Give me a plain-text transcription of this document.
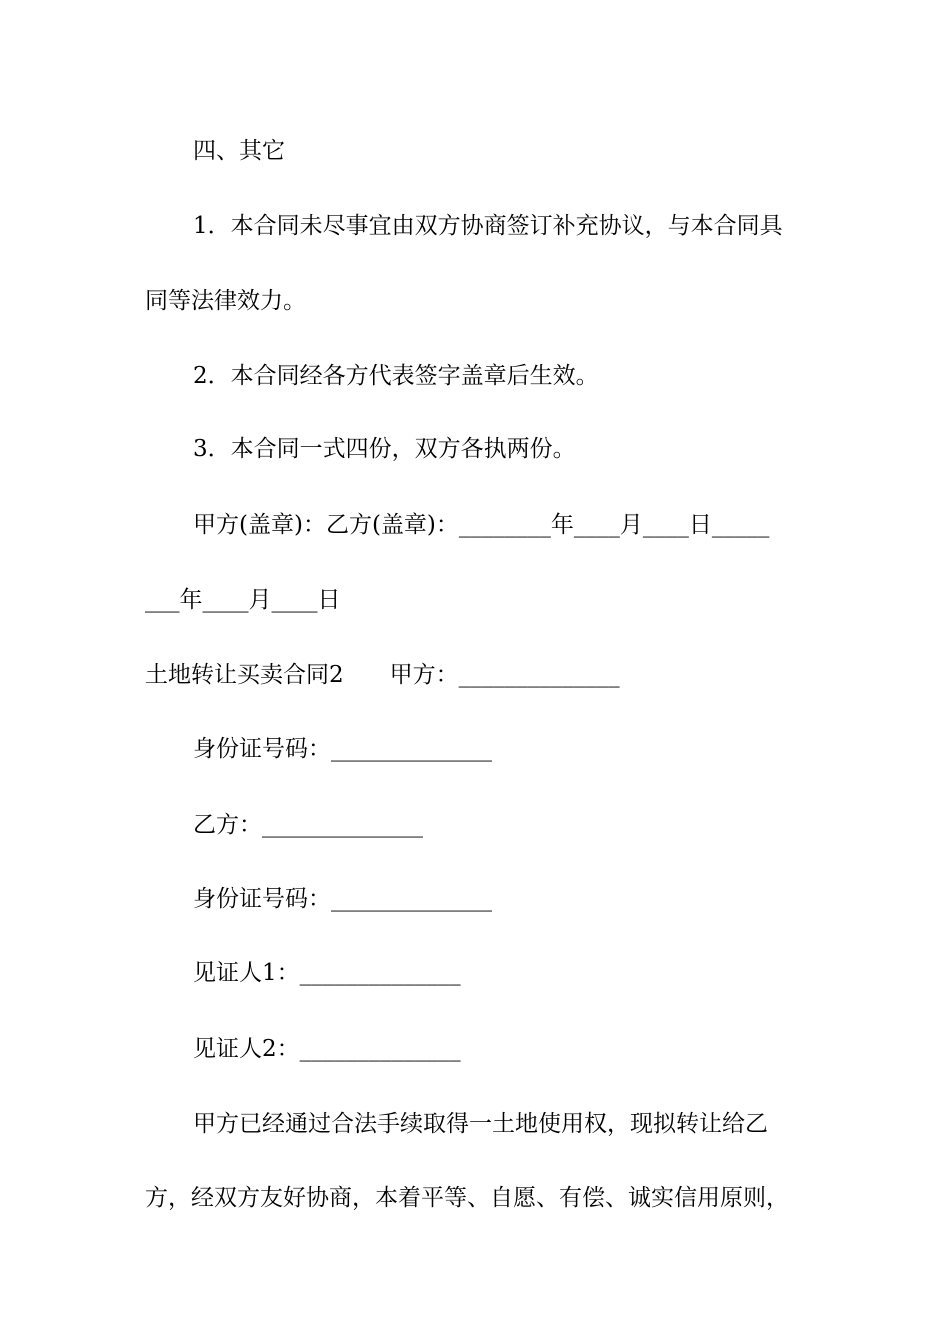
四、其它
1．本合同未尽事宜由双方协商签订补充协议，与本合同具
同等法律效力。
2．本合同经各方代表签字盖章后生效。
3．本合同一式四份，双方各执两份。
甲方(盖章)：乙方(盖章)：________年____月____日_____
___年____月____日
土地转让买卖合同2　　甲方：______________
身份证号码：______________
乙方：______________
身份证号码：______________
见证人1：______________
见证人2：______________
甲方已经通过合法手续取得一土地使用权，现拟转让给乙
方，经双方友好协商，本着平等、自愿、有偿、诚实信用原则，
